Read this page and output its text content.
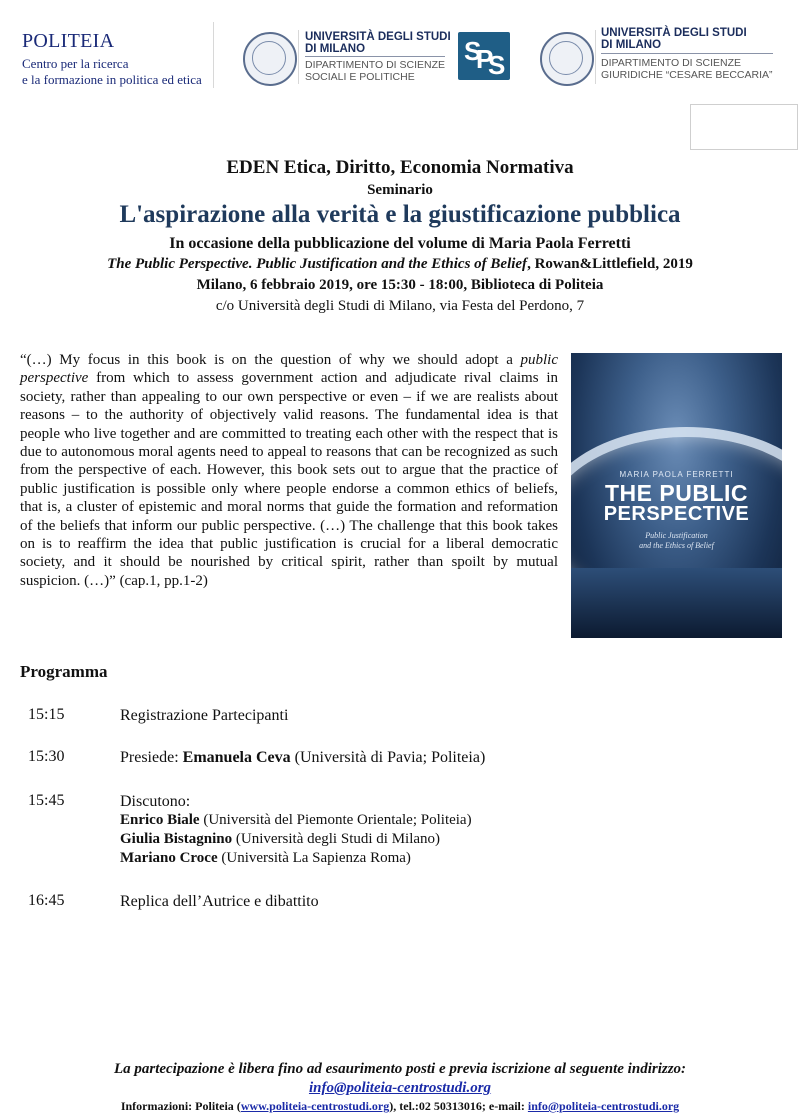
POLITEIA
Centro per la ricerca
e la formazione in politica ed etica
UNIVERSITÀ DEGLI STUDI
DI MILANO
DIPARTIMENTO DI SCIENZE
SOCIALI E POLITICHE
S
P
S
UNIVERSITÀ DEGLI STUDI
DI MILANO
DIPARTIMENTO DI SCIENZE
GIURIDICHE “CESARE BECCARIA”
EDEN Etica, Diritto, Economia Normativa
Seminario
L'aspirazione alla verità e la giustificazione pubblica
In occasione della pubblicazione del volume di Maria Paola Ferretti
The Public Perspective. Public Justification and the Ethics of Belief, Rowan&Littlefield, 2019
Milano, 6 febbraio 2019, ore 15:30 - 18:00, Biblioteca di Politeia
c/o Università degli Studi di Milano, via Festa del Perdono, 7
“(…) My focus in this book is on the question of why we should adopt a public perspective from which to assess government action and adjudicate rival claims in society, rather than appealing to our own perspective or even – if we are realists about reasons – to the authority of objectively valid reasons. The fundamental idea is that people who live together and are committed to treating each other with the respect that is due to autonomous moral agents need to appeal to reasons that can be recognized as such from the perspective of each. However, this book sets out to argue that the practice of public justification is possible only where people endorse a common ethics of beliefs, that is, a cluster of epistemic and moral norms that guide the formation and reformation of the beliefs that inform our public perspective. (…) The challenge that this book takes on is to reaffirm the idea that public justification is crucial for a liberal democratic society, and it should be nourished by critical spirit, rather than spoilt by mutual suspicion. (…)” (cap.1, pp.1-2)
MARIA PAOLA FERRETTI
THE PUBLIC
PERSPECTIVE
Public Justification
and the Ethics of Belief
Programma
15:15	Registrazione Partecipanti
15:30	Presiede: Emanuela Ceva (Università di Pavia; Politeia)
15:45	Discutono:
Enrico Biale (Università del Piemonte Orientale; Politeia)
Giulia Bistagnino (Università degli Studi di Milano)
Mariano Croce (Università La Sapienza Roma)
16:45	Replica dell’Autrice e dibattito
La partecipazione è libera fino ad esaurimento posti e previa iscrizione al seguente indirizzo:
info@politeia-centrostudi.org
Informazioni: Politeia (www.politeia-centrostudi.org), tel.:02 50313016; e-mail: info@politeia-centrostudi.org
